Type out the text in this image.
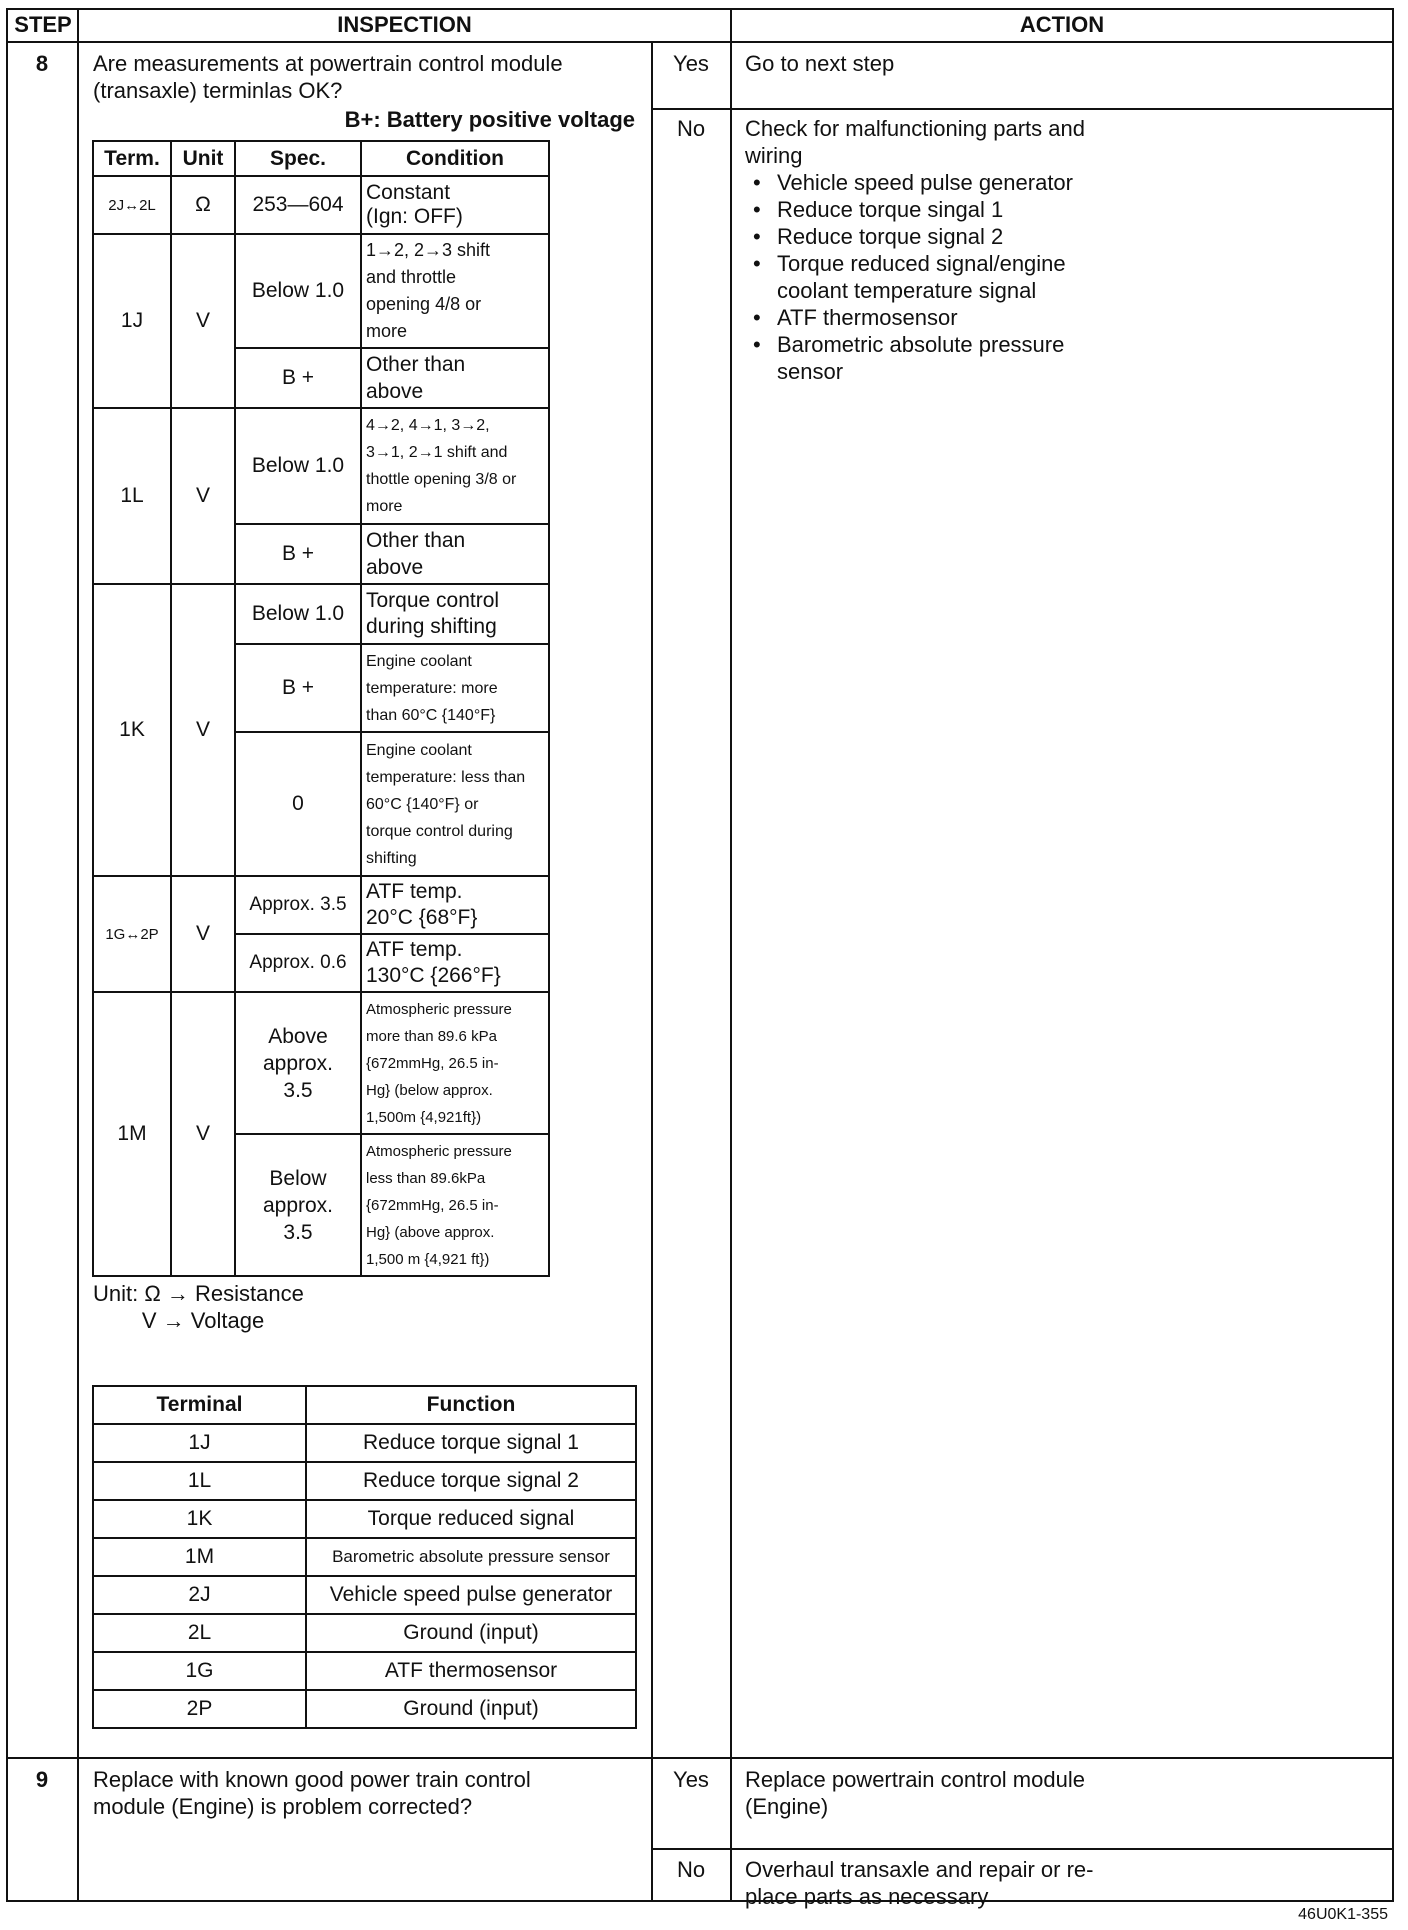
STEP	INSPECTION	ACTION
8	Are measurements at powertrain control module
(transaxle) terminlas OK?
B+: Battery positive voltage
Yes	Go to next step
No	Check for malfunctioning parts and
wiring
• Vehicle speed pulse generator
• Reduce torque singal 1
• Reduce torque signal 2
• Torque reduced signal/engine
coolant temperature signal
• ATF thermosensor
• Barometric absolute pressure
sensor
Term.	Unit	Spec.	Condition
2J↔2L	Ω	253—604	Constant
(Ign: OFF)
1J	V	Below 1.0	1→2, 2→3 shift
and throttle
opening 4/8 or
more
		B +	Other than
above
1L	V	Below 1.0	4→2, 4→1, 3→2,
3→1, 2→1 shift and
thottle opening 3/8 or
more
		B +	Other than
above
1K	V	Below 1.0	Torque control
during shifting
		B +	Engine coolant
temperature: more
than 60°C {140°F}
		0	Engine coolant
temperature: less than
60°C {140°F} or
torque control during
shifting
1G↔2P	V	Approx. 3.5	ATF temp.
20°C {68°F}
		Approx. 0.6	ATF temp.
130°C {266°F}
1M	V	Above
approx.
3.5	Atmospheric pressure
more than 89.6 kPa
{672mmHg, 26.5 in-
Hg} (below approx.
1,500m {4,921ft})
		Below
approx.
3.5	Atmospheric pressure
less than 89.6kPa
{672mmHg, 26.5 in-
Hg} (above approx.
1,500 m {4,921 ft})
Unit: Ω → Resistance
V → Voltage
Terminal	Function
1J	Reduce torque signal 1
1L	Reduce torque signal 2
1K	Torque reduced signal
1M	Barometric absolute pressure sensor
2J	Vehicle speed pulse generator
2L	Ground (input)
1G	ATF thermosensor
2P	Ground (input)
9	Replace with known good power train control
module (Engine) is problem corrected?
Yes	Replace powertrain control module
(Engine)
No	Overhaul transaxle and repair or re-
place parts as necessary
46U0K1-355
